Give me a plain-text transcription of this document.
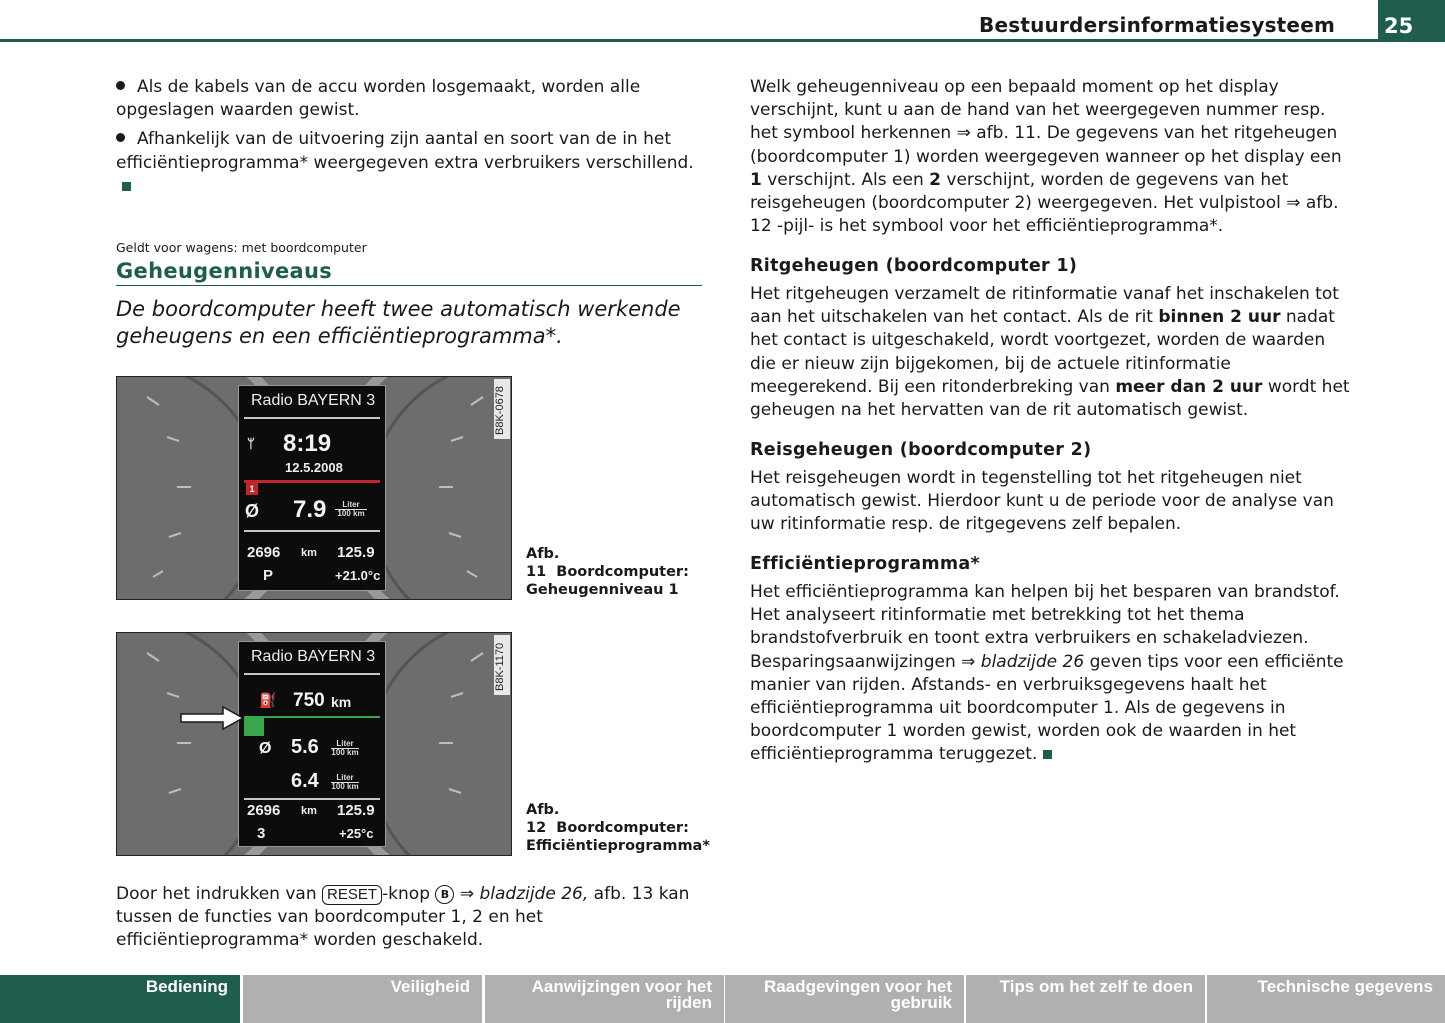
Bestuurdersinformatiesysteem 25

Als de kabels van de accu worden losgemaakt, worden alle opgeslagen waarden gewist.

Afhankelijk van de uitvoering zijn aantal en soort van de in het efficiëntieprogramma* weergegeven extra verbruikers verschillend.

Geldt voor wagens: met boordcomputer
Geheugenniveaus
De boordcomputer heeft twee automatisch werkende geheugens en een efficiëntieprogramma*.
Radio BAYERN 3
ᛘ 8:19
12.5.2008
1
Ø 7.9	Liter
100 km
2696 km 125.9
P	+21.0°c
B8K-0678
Afb. 11 Boordcomputer: Geheugenniveau 1
Radio BAYERN 3
⛽ 750 km
Ø 5.6	Liter
100 km
6.4	Liter
100 km
2696 km 125.9
3	+25°c
B8K-1170
Afb. 12 Boordcomputer: Efficiëntieprogramma*

Door het indrukken van RESET -knop B ⇒ bladzijde 26, afb. 13 kan tussen de functies van boordcomputer 1, 2 en het efficiëntieprogramma* worden geschakeld.

Welk geheugenniveau op een bepaald moment op het display verschijnt, kunt u aan de hand van het weergegeven nummer resp. het symbool herkennen ⇒ afb. 11. De gegevens van het ritgeheugen (boordcomputer 1) worden weergegeven wanneer op het display een 1 verschijnt. Als een 2 verschijnt, worden de gegevens van het reisgeheugen (boordcomputer 2) weergegeven. Het vulpistool ⇒ afb. 12 -pijl- is het symbool voor het efficiëntieprogramma*.

Ritgeheugen (boordcomputer 1)

Het ritgeheugen verzamelt de ritinformatie vanaf het inschakelen tot aan het uitschakelen van het contact. Als de rit binnen 2 uur nadat het contact is uitgeschakeld, wordt voortgezet, worden de waarden die er nieuw zijn bijgekomen, bij de actuele ritinformatie meegerekend. Bij een ritonderbreking van meer dan 2 uur wordt het geheugen na het hervatten van de rit automatisch gewist.

Reisgeheugen (boordcomputer 2)

Het reisgeheugen wordt in tegenstelling tot het ritgeheugen niet automatisch gewist. Hierdoor kunt u de periode voor de analyse van uw ritinformatie resp. de ritgegevens zelf bepalen.

Efficiëntieprogramma*

Het efficiëntieprogramma kan helpen bij het besparen van brandstof. Het analyseert ritinformatie met betrekking tot het thema brandstofverbruik en toont extra verbruikers en schakeladviezen. Besparingsaanwijzingen ⇒ bladzijde 26 geven tips voor een efficiënte manier van rijden. Afstands- en verbruiksgegevens haalt het efficiëntieprogramma uit boordcomputer 1. Als de gegevens in boordcomputer 1 worden gewist, worden ook de waarden in het efficiëntieprogramma teruggezet.

Bediening	Veiligheid	Aanwijzingen voor het rijden
Raadgevingen voor het gebruik
Tips om het zelf te doen	Technische gegevens
